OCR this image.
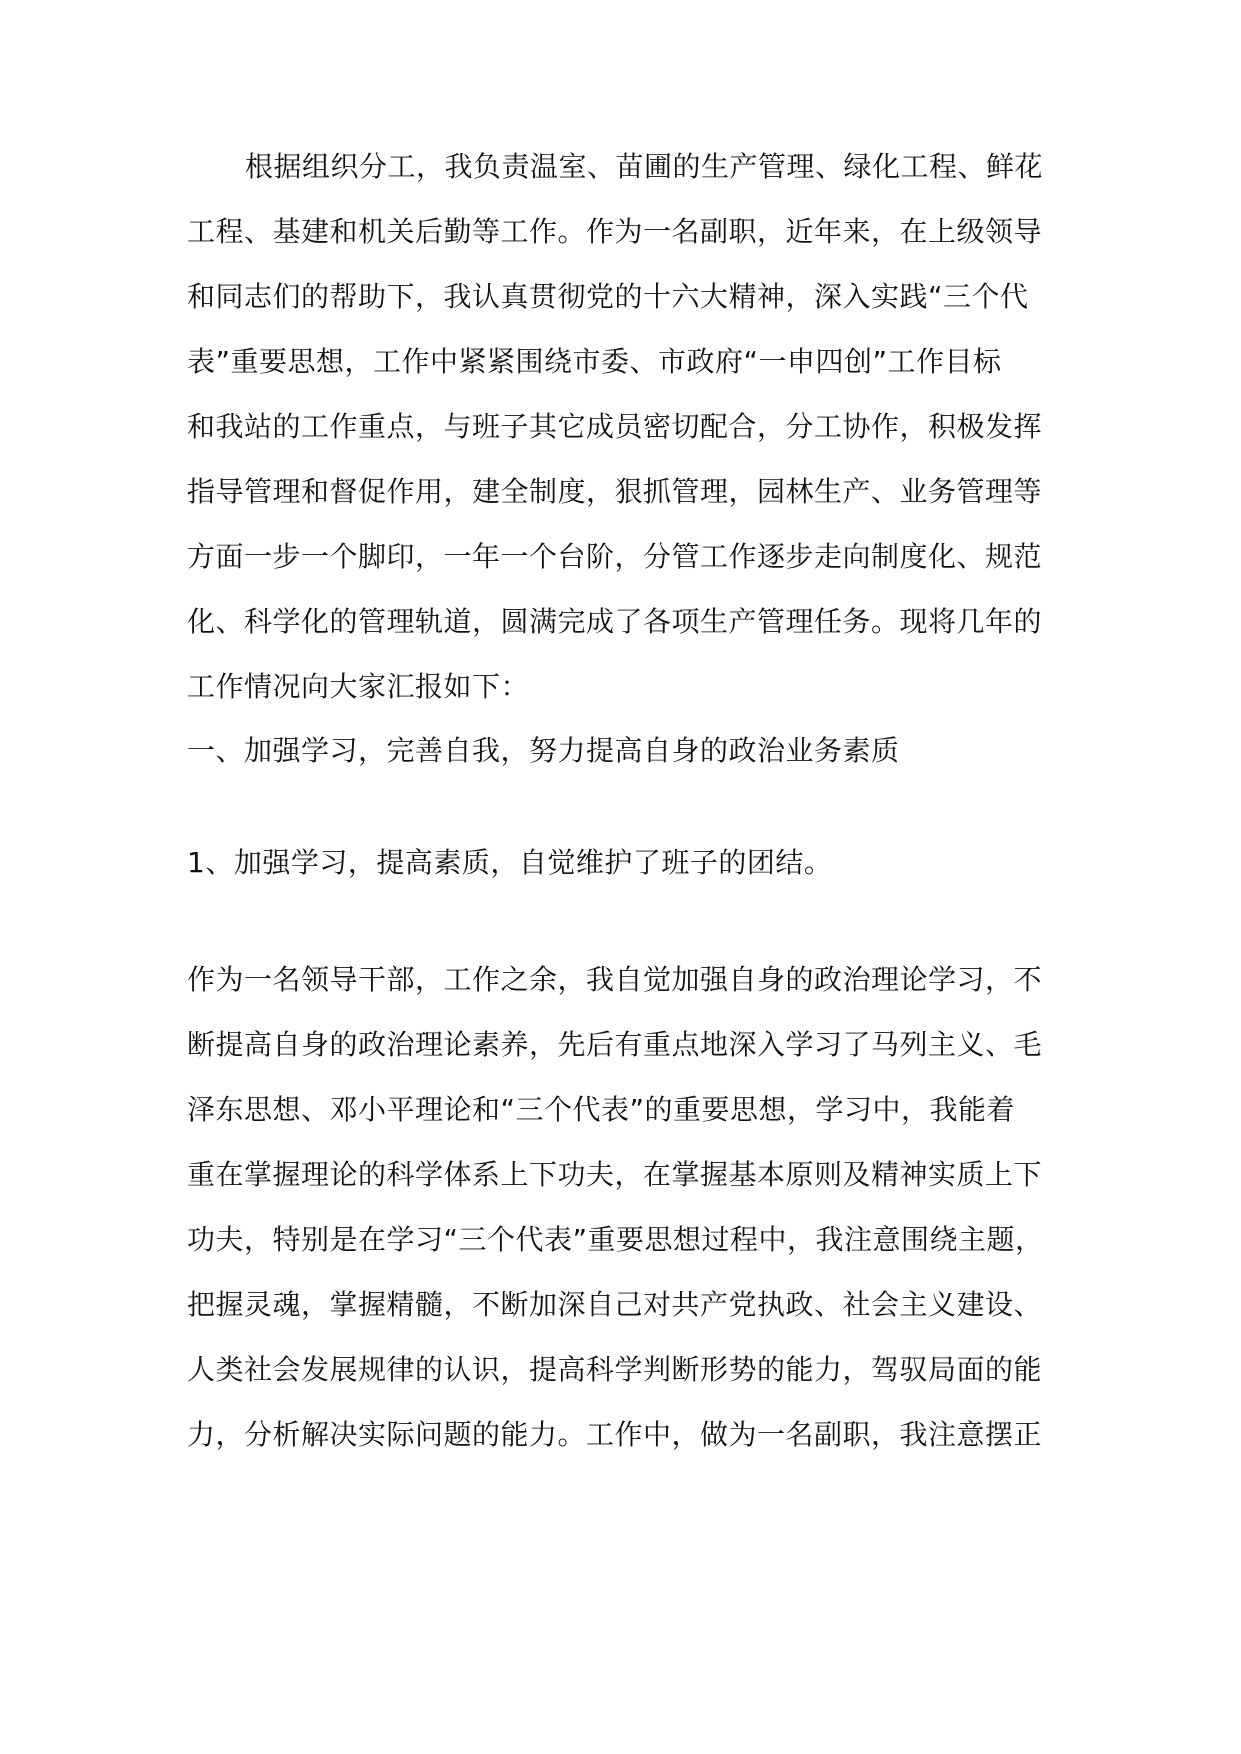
根据组织分工，我负责温室、苗圃的生产管理、绿化工程、鲜花
工程、基建和机关后勤等工作。作为一名副职，近年来，在上级领导
和同志们的帮助下，我认真贯彻党的十六大精神，深入实践“三个代
表”重要思想，工作中紧紧围绕市委、市政府“一申四创”工作目标
和我站的工作重点，与班子其它成员密切配合，分工协作，积极发挥
指导管理和督促作用，建全制度，狠抓管理，园林生产、业务管理等
方面一步一个脚印，一年一个台阶，分管工作逐步走向制度化、规范
化、科学化的管理轨道，圆满完成了各项生产管理任务。现将几年的
工作情况向大家汇报如下：
一、加强学习，完善自我，努力提高自身的政治业务素质
1、加强学习，提高素质，自觉维护了班子的团结。
作为一名领导干部，工作之余，我自觉加强自身的政治理论学习，不
断提高自身的政治理论素养，先后有重点地深入学习了马列主义、毛
泽东思想、邓小平理论和“三个代表”的重要思想，学习中，我能着
重在掌握理论的科学体系上下功夫，在掌握基本原则及精神实质上下
功夫，特别是在学习“三个代表”重要思想过程中，我注意围绕主题，
把握灵魂，掌握精髓，不断加深自己对共产党执政、社会主义建设、
人类社会发展规律的认识，提高科学判断形势的能力，驾驭局面的能
力，分析解决实际问题的能力。工作中，做为一名副职，我注意摆正
